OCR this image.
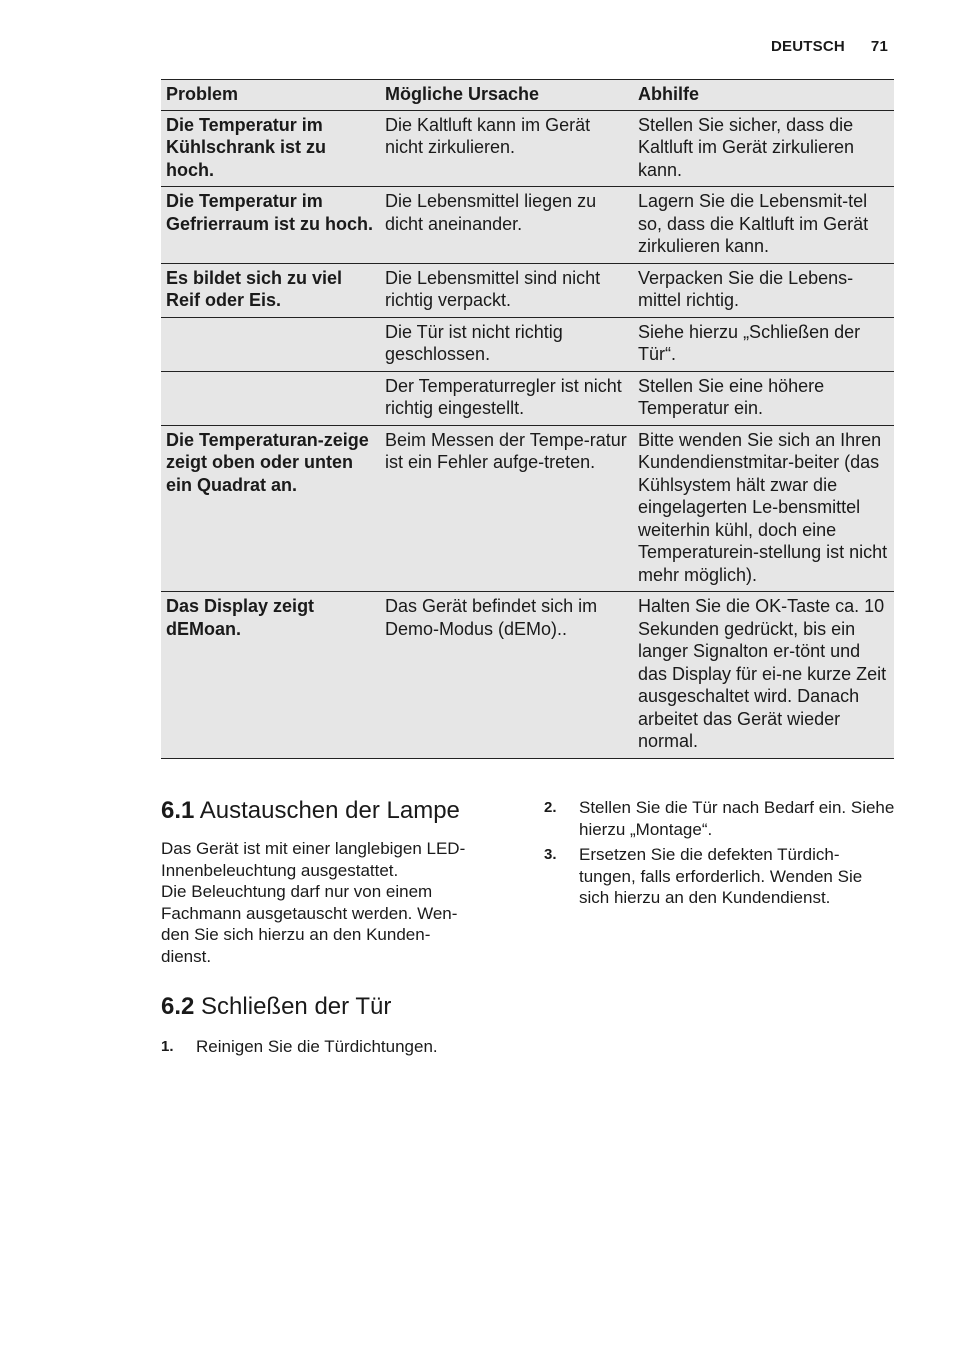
DEUTSCH 71
Problem	Mögliche Ursache	Abhilfe
Die Temperatur im Kühlschrank ist zu hoch.	Die Kaltluft kann im Gerät nicht zirkulieren.	Stellen Sie sicher, dass die Kaltluft im Gerät zirkulieren kann.
Die Temperatur im Gefrierraum ist zu hoch.	Die Lebensmittel liegen zu dicht aneinander.	Lagern Sie die Lebensmit-tel so, dass die Kaltluft im Gerät zirkulieren kann.
Es bildet sich zu viel Reif oder Eis.	Die Lebensmittel sind nicht richtig verpackt.	Verpacken Sie die Lebens-mittel richtig.
	Die Tür ist nicht richtig geschlossen.	Siehe hierzu „Schließen der Tür“.
	Der Temperaturregler ist nicht richtig eingestellt.	Stellen Sie eine höhere Temperatur ein.
Die Temperaturan-zeige zeigt oben oder unten ein Quadrat an.	Beim Messen der Tempe-ratur ist ein Fehler aufge-treten.	Bitte wenden Sie sich an Ihren Kundendienstmitar-beiter (das Kühlsystem hält zwar die eingelagerten Le-bensmittel weiterhin kühl, doch eine Temperaturein-stellung ist nicht mehr möglich).
Das Display zeigt dEMoan.	Das Gerät befindet sich im Demo-Modus (dEMo)..	Halten Sie die OK-Taste ca. 10 Sekunden gedrückt, bis ein langer Signalton er-tönt und das Display für ei-ne kurze Zeit ausgeschaltet wird. Danach arbeitet das Gerät wieder normal.
6.1 Austauschen der Lampe

Das Gerät ist mit einer langlebigen LED-
Innenbeleuchtung ausgestattet.
Die Beleuchtung darf nur von einem
Fachmann ausgetauscht werden. Wen-
den Sie sich hierzu an den Kunden-
dienst.

6.2 Schließen der Tür
1.	Reinigen Sie die Türdichtungen.
2.	Stellen Sie die Tür nach Bedarf ein. Siehe hierzu „Montage“.
3.	Ersetzen Sie die defekten Türdich-tungen, falls erforderlich. Wenden Sie sich hierzu an den Kundendienst.
